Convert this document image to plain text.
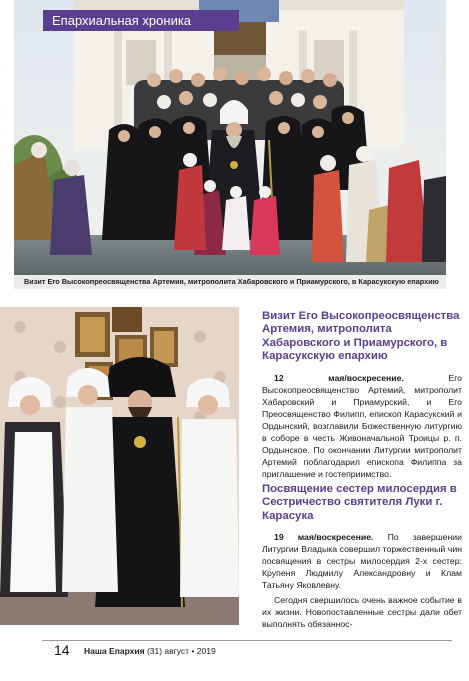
Епархиальная хроника
Визит Его Высокопреосвященства Артемия, митрополита Хабаровского и Приамурского, в Карасукскую епархию
Визит Его Высокопреосвященства Артемия, митрополита Хабаровского и Приамурского, в Карасукскую епархию
12 мая/воскресение.	Его Высокопреосвященство Артемий, митрополит Хабаровский и Приамурский, и Его Преосвященство Филипп, епископ Карасукский и Ордынский, возглавили Божественную литургию в соборе в честь Живоначальной Троицы р. п. Ордынское. По окончании Литургии митрополит Артемий поблагодарил епископа Филиппа за приглашение и гостеприимство.
Посвящение сестер милосердия в Сестричество святителя Луки г. Карасука
19 мая/воскресение. По завершении Литургии Владыка совершил торжественный чин посвящения в сестры милосердия 2-х сестер: Крупеня Людмилу Александровну и Клам Татьяну Яковлевну.
Сегодня свершилось очень важное событие в их жизни. Новопоставленные сестры дали обет выполнять обязаннос-
14 Наша Епархия (31) август • 2019
